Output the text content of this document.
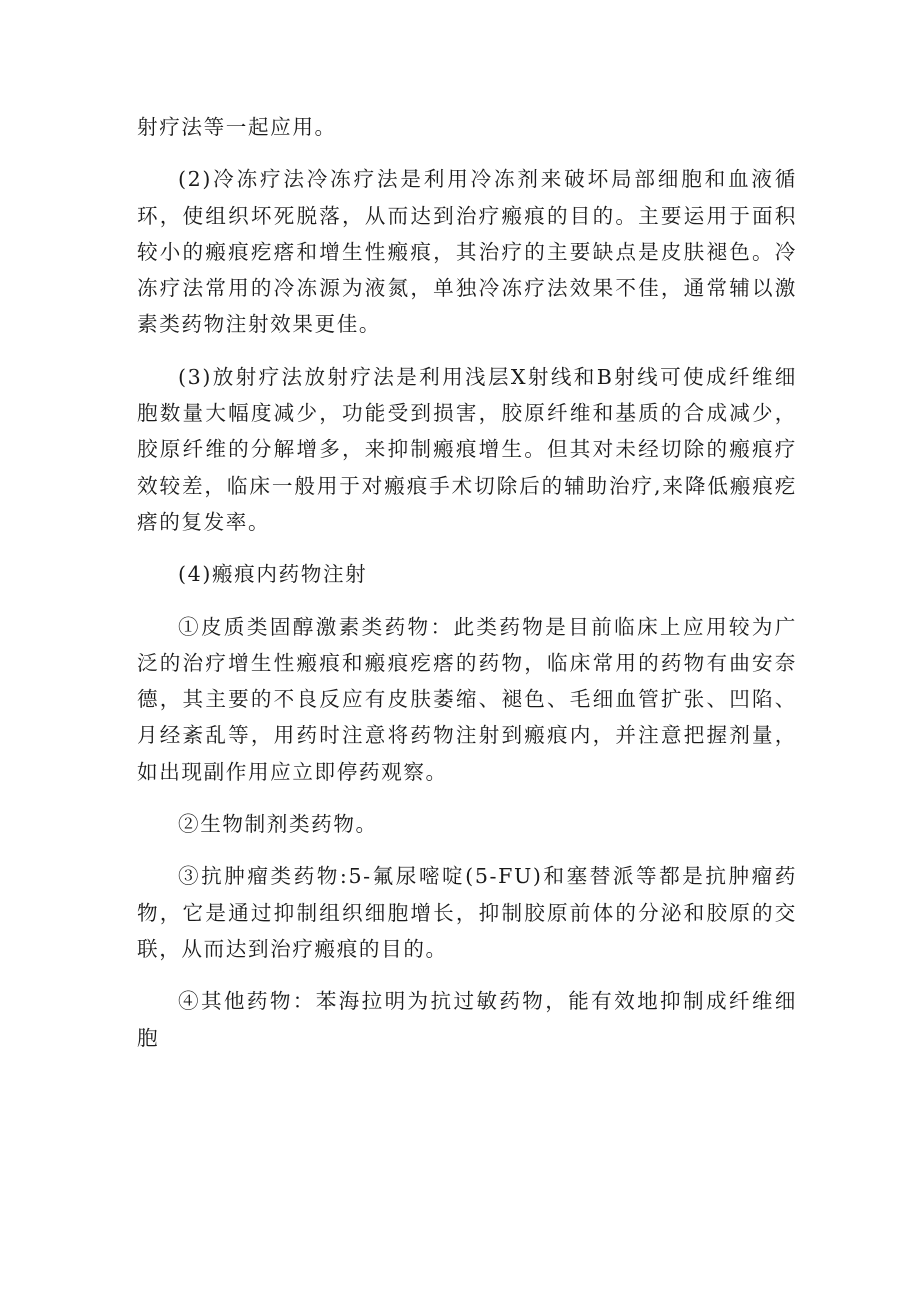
射疗法等一起应用。

(2)冷冻疗法冷冻疗法是利用冷冻剂来破坏局部细胞和血液循环，使组织坏死脱落，从而达到治疗瘢痕的目的。主要运用于面积较小的瘢痕疙瘩和增生性瘢痕，其治疗的主要缺点是皮肤褪色。冷冻疗法常用的冷冻源为液氮，单独冷冻疗法效果不佳，通常辅以激素类药物注射效果更佳。

(3)放射疗法放射疗法是利用浅层X射线和B射线可使成纤维细胞数量大幅度减少，功能受到损害，胶原纤维和基质的合成减少，胶原纤维的分解增多，来抑制瘢痕增生。但其对未经切除的瘢痕疗效较差，临床一般用于对瘢痕手术切除后的辅助治疗,来降低瘢痕疙瘩的复发率。

(4)瘢痕内药物注射

①皮质类固醇激素类药物：此类药物是目前临床上应用较为广泛的治疗增生性瘢痕和瘢痕疙瘩的药物，临床常用的药物有曲安奈德，其主要的不良反应有皮肤萎缩、褪色、毛细血管扩张、凹陷、月经紊乱等，用药时注意将药物注射到瘢痕内，并注意把握剂量，如出现副作用应立即停药观察。

②生物制剂类药物。

③抗肿瘤类药物:5-氟尿嘧啶(5-FU)和塞替派等都是抗肿瘤药物，它是通过抑制组织细胞增长，抑制胶原前体的分泌和胶原的交联，从而达到治疗瘢痕的目的。

④其他药物：苯海拉明为抗过敏药物，能有效地抑制成纤维细胞
